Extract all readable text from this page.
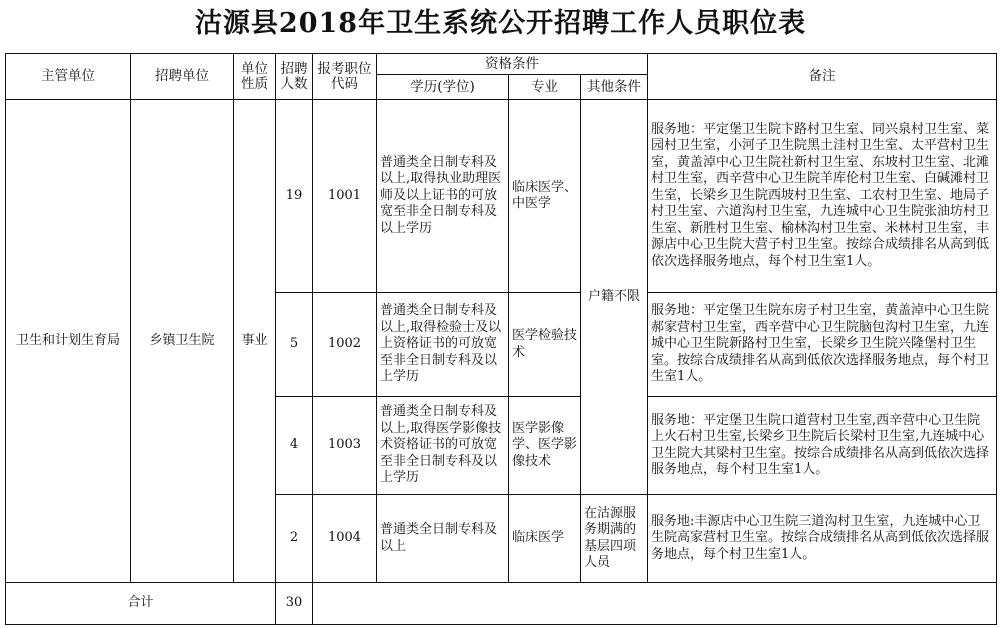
沽源县2018年卫生系统公开招聘工作人员职位表
主管单位	招聘单位	单位性质	招聘人数	报考职位代码	资格条件			备注
					学历(学位)	专业	其他条件	
卫生和计划生育局	乡镇卫生院	事业	19	1001	普通类全日制专科及以上,取得执业助理医师及以上证书的可放宽至非全日制专科及以上学历	临床医学、中医学	户籍不限	服务地：平定堡卫生院卞路村卫生室、同兴泉村卫生室、菜园村卫生室，小河子卫生院黑土洼村卫生室、太平营村卫生室，黄盖淖中心卫生院社新村卫生室、东坡村卫生室、北滩村卫生室，西辛营中心卫生院羊库伦村卫生室、白碱滩村卫生室，长梁乡卫生院西坡村卫生室、工农村卫生室、地局子村卫生室、六道沟村卫生室，九连城中心卫生院张油坊村卫生室、新胜村卫生室、榆林沟村卫生室、米林村卫生室，丰源店中心卫生院大营子村卫生室。按综合成绩排名从高到低依次选择服务地点，每个村卫生室1人。
			5	1002	普通类全日制专科及以上,取得检验士及以上资格证书的可放宽至非全日制专科及以上学历	医学检验技术		服务地：平定堡卫生院东房子村卫生室，黄盖淖中心卫生院郝家营村卫生室，西辛营中心卫生院脑包沟村卫生室，九连城中心卫生院新路村卫生室，长梁乡卫生院兴隆堡村卫生室。按综合成绩排名从高到低依次选择服务地点，每个村卫生室1人。
			4	1003	普通类全日制专科及以上,取得医学影像技术资格证书的可放宽至非全日制专科及以上学历	医学影像学、医学影像技术		服务地：平定堡卫生院口道营村卫生室,西辛营中心卫生院上火石村卫生室,长梁乡卫生院后长梁村卫生室,九连城中心卫生院大其梁村卫生室。按综合成绩排名从高到低依次选择服务地点，每个村卫生室1人。
			2	1004	普通类全日制专科及以上	临床医学	在沽源服务期满的基层四项人员	服务地:丰源店中心卫生院三道沟村卫生室，九连城中心卫生院高家营村卫生室。按综合成绩排名从高到低依次选择服务地点，每个村卫生室1人。
合计			30					
